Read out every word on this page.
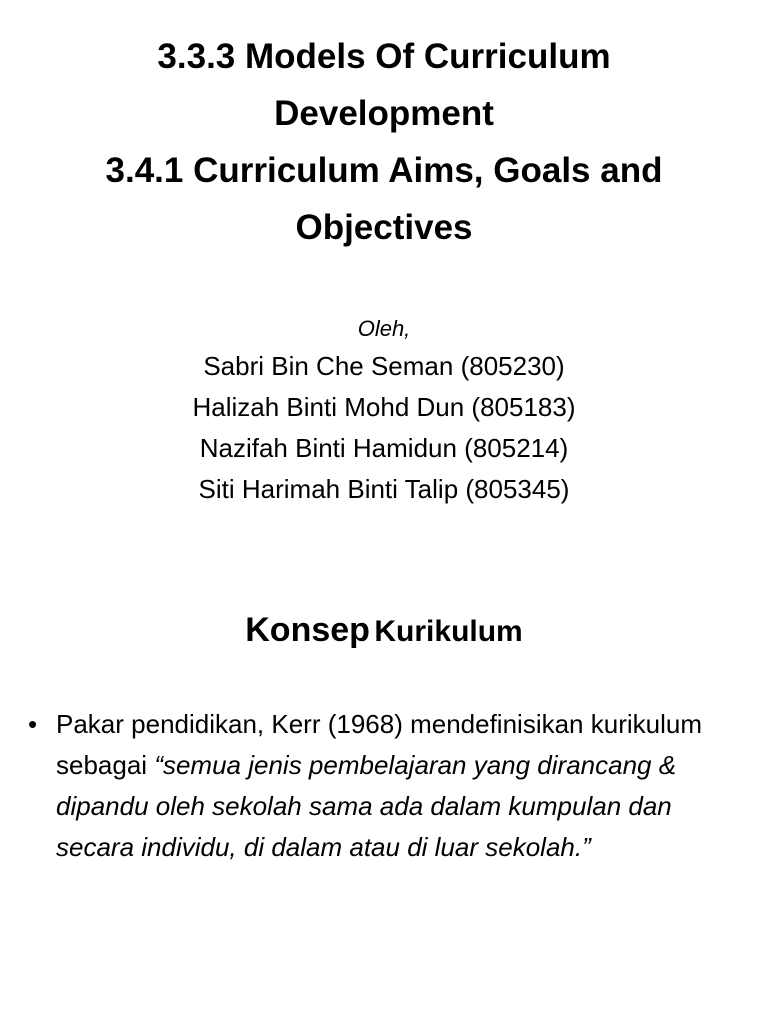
3.3.3 Models Of Curriculum
Development
3.4.1 Curriculum Aims, Goals and
Objectives
Oleh,
Sabri Bin Che Seman (805230)
Halizah Binti Mohd Dun (805183)
Nazifah Binti Hamidun (805214)
Siti Harimah Binti Talip (805345)
Konsep Kurikulum
• Pakar pendidikan, Kerr (1968) mendefinisikan kurikulum sebagai “semua jenis pembelajaran yang dirancang & dipandu oleh sekolah sama ada dalam kumpulan dan secara individu, di dalam atau di luar sekolah.”
